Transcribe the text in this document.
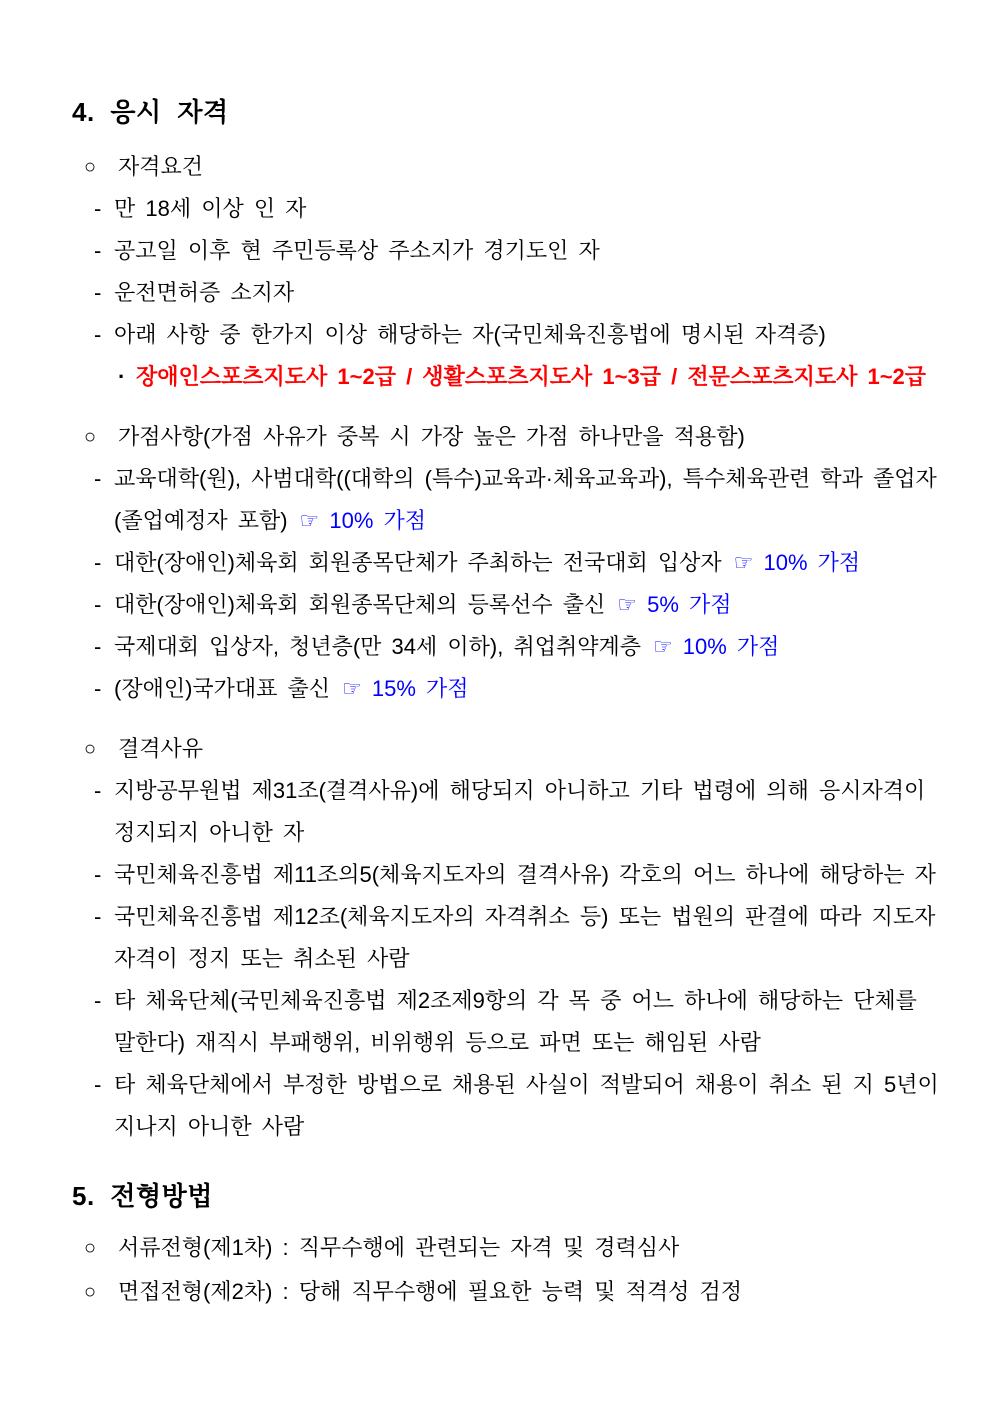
4. 응시 자격
○ 자격요건
- 만 18세 이상 인 자
- 공고일 이후 현 주민등록상 주소지가 경기도인 자
- 운전면허증 소지자
- 아래 사항 중 한가지 이상 해당하는 자(국민체육진흥법에 명시된 자격증)
· 장애인스포츠지도사 1~2급 / 생활스포츠지도사 1~3급 / 전문스포츠지도사 1~2급
○ 가점사항(가점 사유가 중복 시 가장 높은 가점 하나만을 적용함)
- 교육대학(원), 사범대학((대학의 (특수)교육과·체육교육과), 특수체육관련 학과 졸업자(졸업예정자 포함) ☞ 10% 가점
- 대한(장애인)체육회 회원종목단체가 주최하는 전국대회 입상자 ☞ 10% 가점
- 대한(장애인)체육회 회원종목단체의 등록선수 출신 ☞ 5% 가점
- 국제대회 입상자, 청년층(만 34세 이하), 취업취약계층 ☞ 10% 가점
- (장애인)국가대표 출신 ☞ 15% 가점
○ 결격사유
- 지방공무원법 제31조(결격사유)에 해당되지 아니하고 기타 법령에 의해 응시자격이 정지되지 아니한 자
- 국민체육진흥법 제11조의5(체육지도자의 결격사유) 각호의 어느 하나에 해당하는 자
- 국민체육진흥법 제12조(체육지도자의 자격취소 등) 또는 법원의 판결에 따라 지도자 자격이 정지 또는 취소된 사람
- 타 체육단체(국민체육진흥법 제2조제9항의 각 목 중 어느 하나에 해당하는 단체를 말한다) 재직시 부패행위, 비위행위 등으로 파면 또는 해임된 사람
- 타 체육단체에서 부정한 방법으로 채용된 사실이 적발되어 채용이 취소 된 지 5년이 지나지 아니한 사람
5. 전형방법
○ 서류전형(제1차) : 직무수행에 관련되는 자격 및 경력심사
○ 면접전형(제2차) : 당해 직무수행에 필요한 능력 및 적격성 검정
